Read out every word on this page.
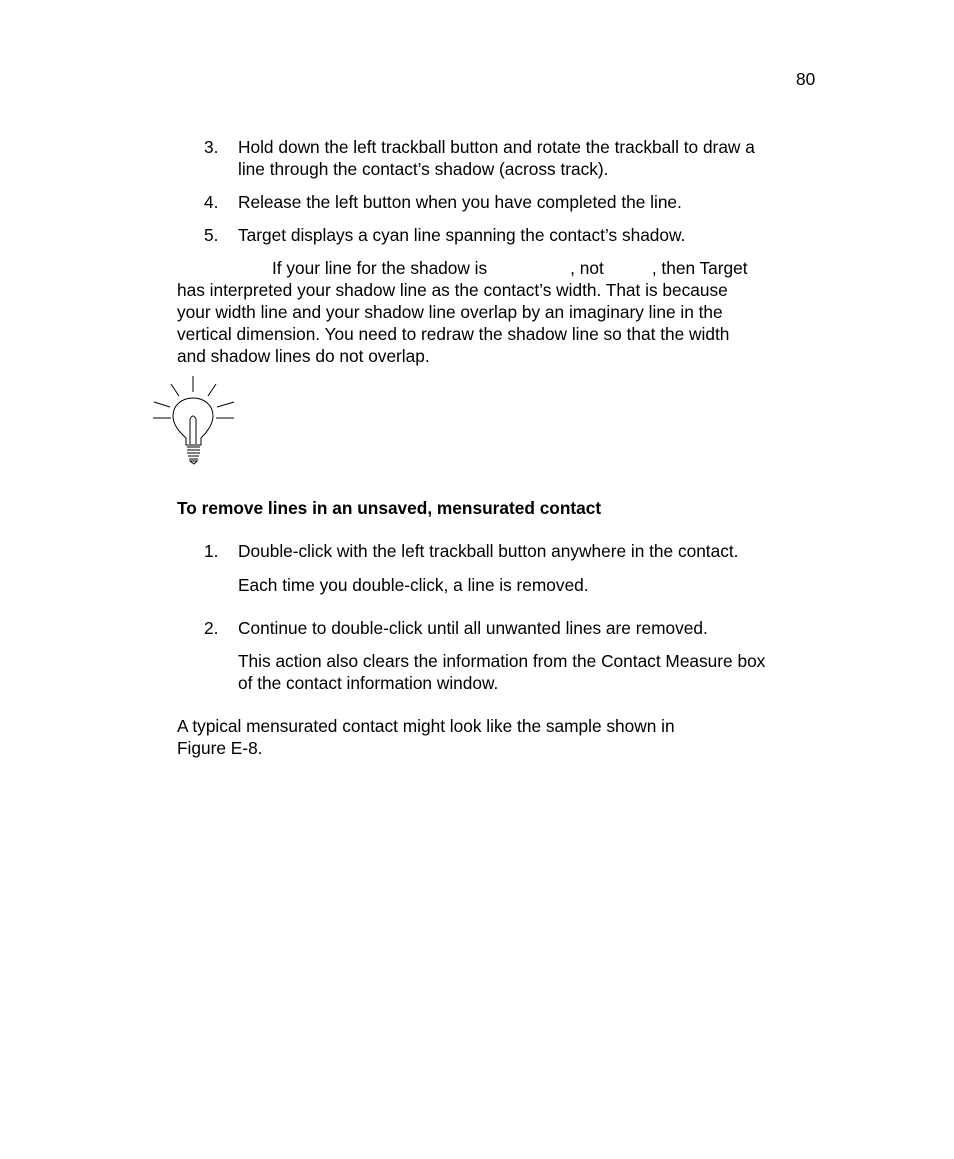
80
3.	Hold down the left trackball button and rotate the trackball to draw a
line through the contact’s shadow (across track).
4.	Release the left button when you have completed the line.
5.	Target displays a cyan line spanning the contact’s shadow.
If your line for the shadow is	, not	, then Target
has interpreted your shadow line as the contact’s width. That is because
your width line and your shadow line overlap by an imaginary line in the
vertical dimension. You need to redraw the shadow line so that the width
and shadow lines do not overlap.
To remove lines in an unsaved, mensurated contact
1.	Double-click with the left trackball button anywhere in the contact.
Each time you double-click, a line is removed.
2.	Continue to double-click until all unwanted lines are removed.
This action also clears the information from the Contact Measure box
of the contact information window.
A typical mensurated contact might look like the sample shown in
Figure E-8.
